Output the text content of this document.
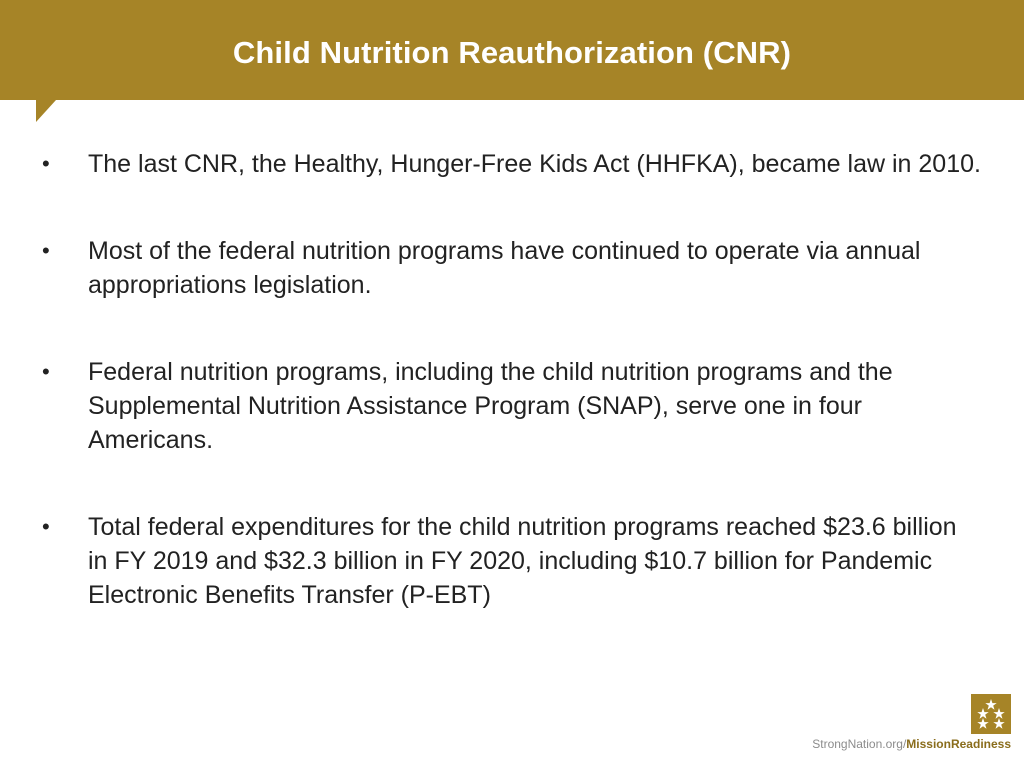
Child Nutrition Reauthorization (CNR)
•	The last CNR, the Healthy, Hunger-Free Kids Act (HHFKA), became law in 2010.
•	Most of the federal nutrition programs have continued to operate via annual appropriations legislation.
•	Federal nutrition programs, including the child nutrition programs and the Supplemental Nutrition Assistance Program (SNAP), serve one in four Americans.
•	Total federal expenditures for the child nutrition programs reached $23.6 billion in FY 2019 and $32.3 billion in FY 2020, including $10.7 billion for Pandemic Electronic Benefits Transfer (P-EBT)
StrongNation.org/MissionReadiness
